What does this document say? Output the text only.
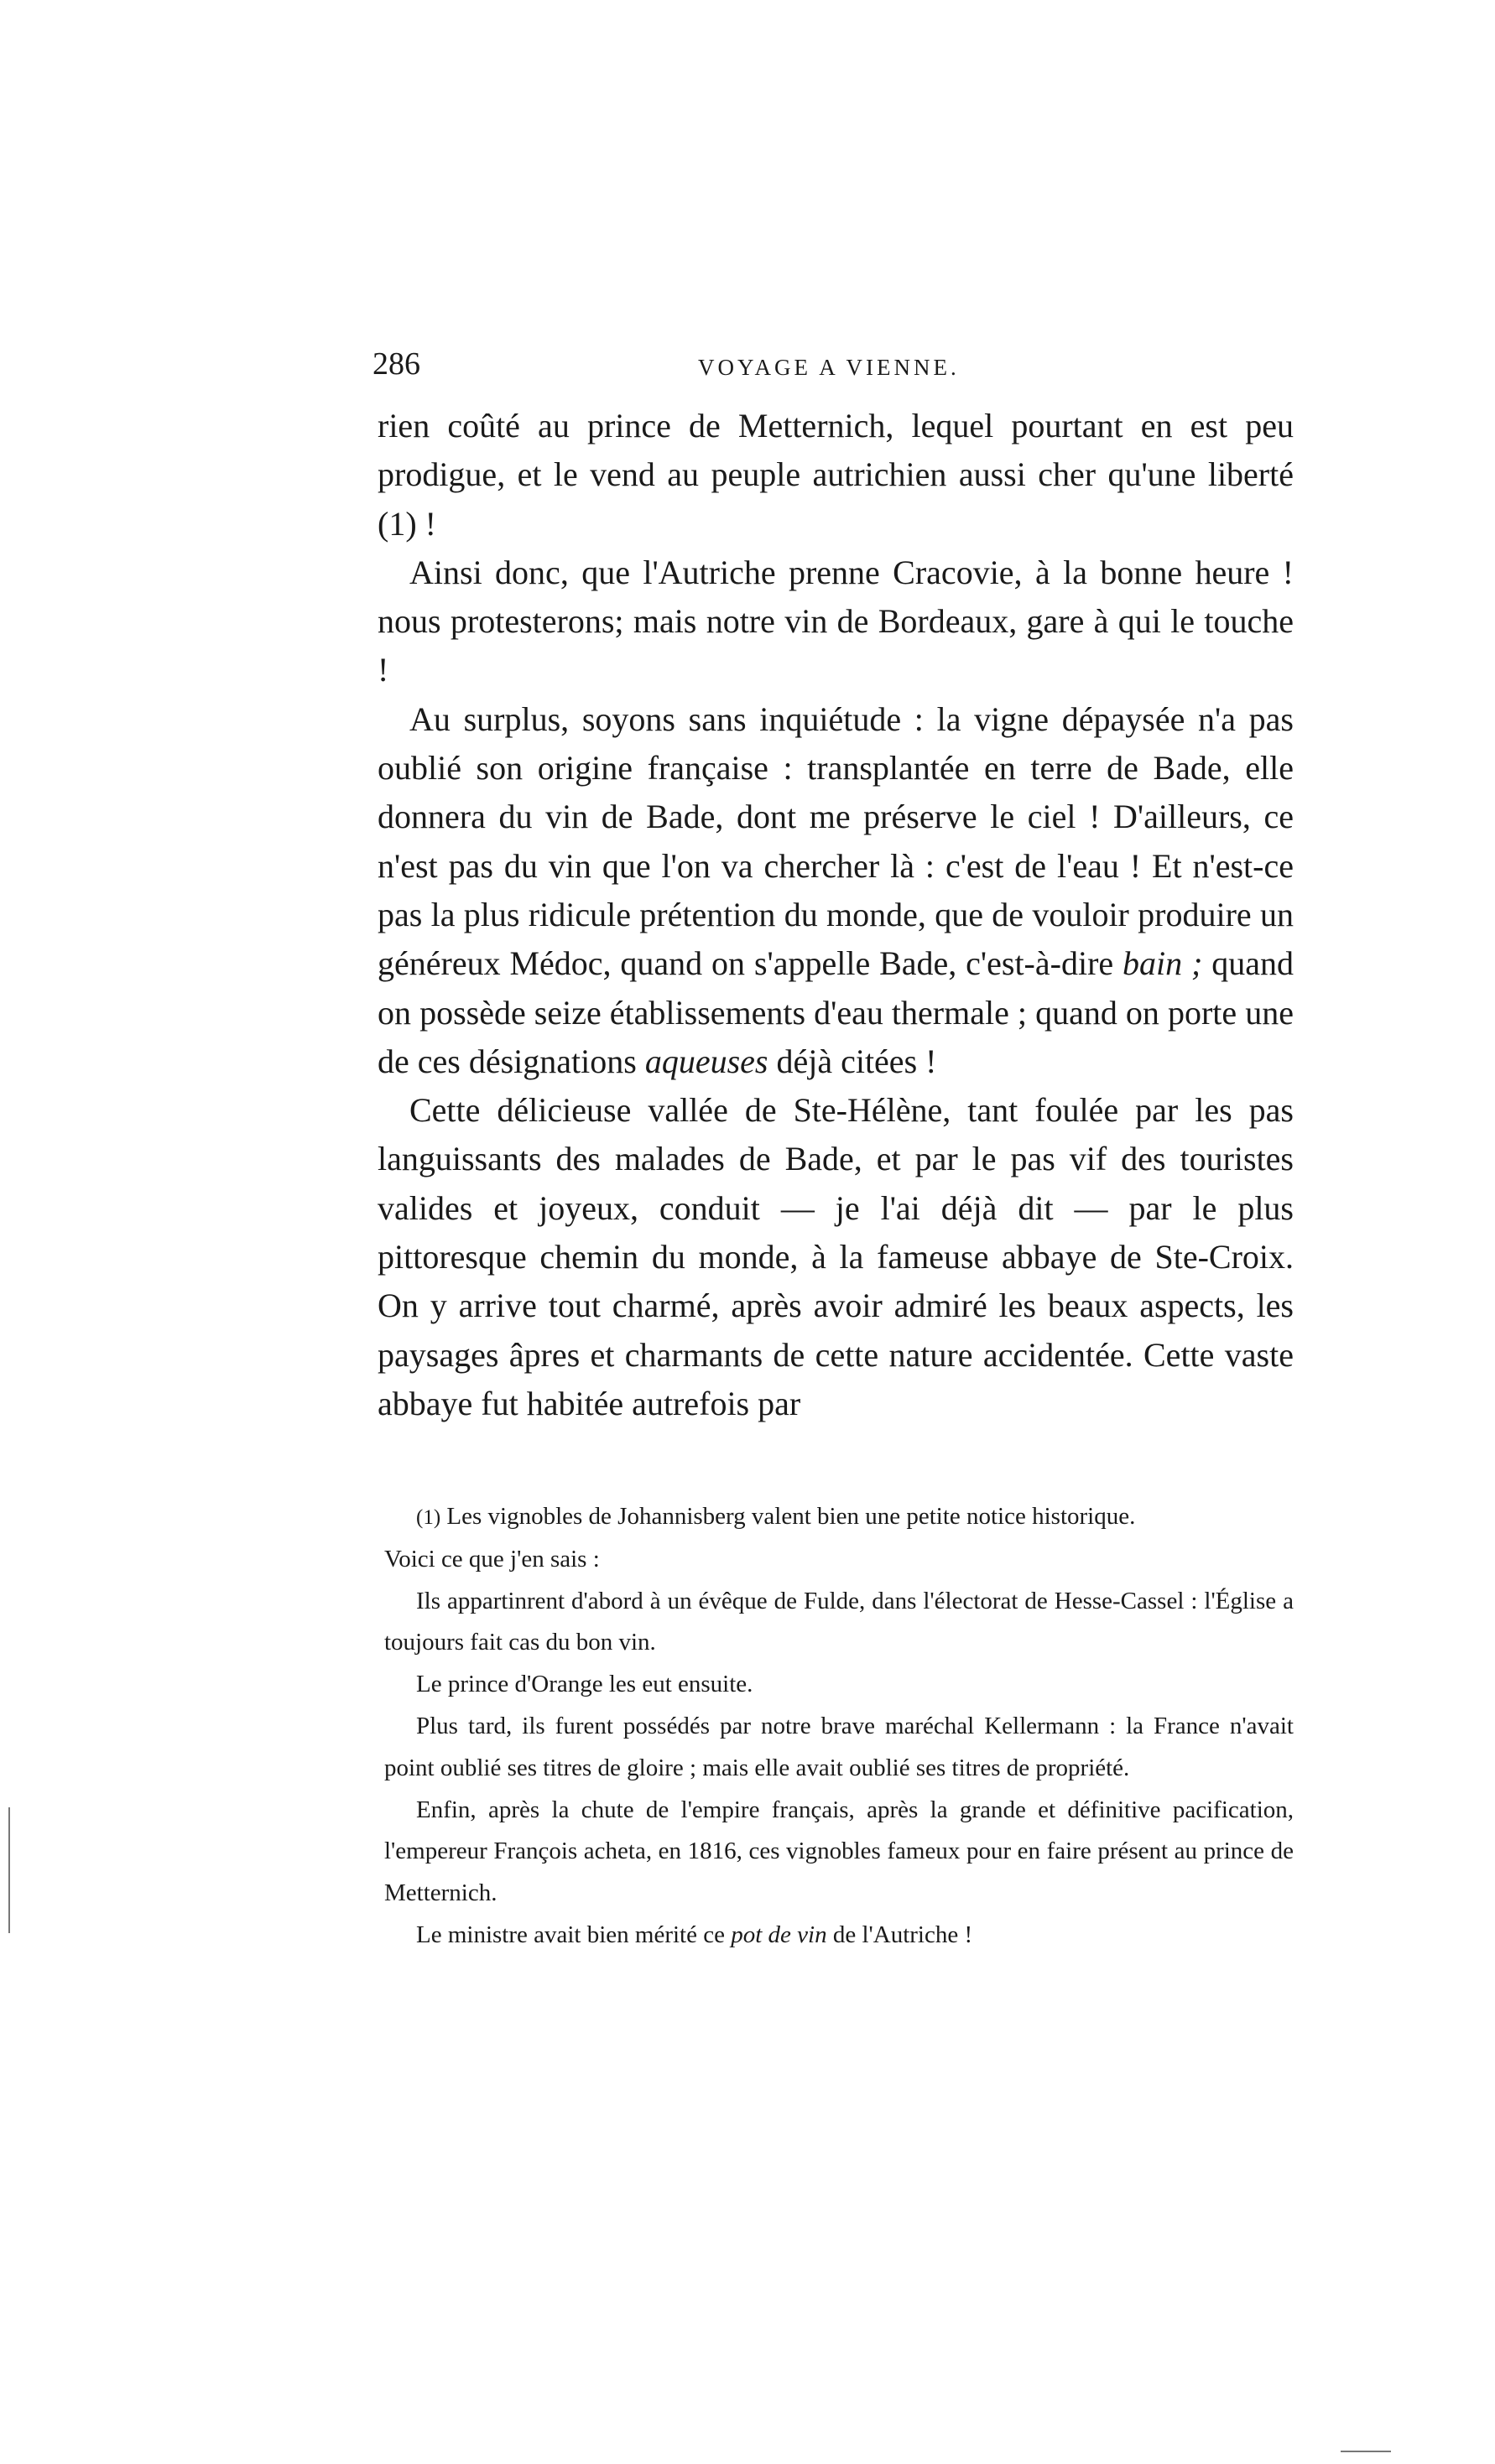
286	VOYAGE A VIENNE.

rien coûté au prince de Metternich, lequel pourtant en est peu prodigue, et le vend au peuple autrichien aussi cher qu'une liberté (1) !

Ainsi donc, que l'Autriche prenne Cracovie, à la bonne heure ! nous protesterons; mais notre vin de Bordeaux, gare à qui le touche !

Au surplus, soyons sans inquiétude : la vigne dépaysée n'a pas oublié son origine française : transplantée en terre de Bade, elle donnera du vin de Bade, dont me préserve le ciel ! D'ailleurs, ce n'est pas du vin que l'on va chercher là : c'est de l'eau ! Et n'est-ce pas la plus ridicule prétention du monde, que de vouloir produire un généreux Médoc, quand on s'appelle Bade, c'est-à-dire bain ; quand on possède seize établissements d'eau thermale ; quand on porte une de ces désignations aqueuses déjà citées !

Cette délicieuse vallée de Ste-Hélène, tant foulée par les pas languissants des malades de Bade, et par le pas vif des touristes valides et joyeux, conduit — je l'ai déjà dit — par le plus pittoresque chemin du monde, à la fameuse abbaye de Ste-Croix. On y arrive tout charmé, après avoir admiré les beaux aspects, les paysages âpres et charmants de cette nature accidentée. Cette vaste abbaye fut habitée autrefois par

(1) Les vignobles de Johannisberg valent bien une petite notice historique.

Voici ce que j'en sais :

Ils appartinrent d'abord à un évêque de Fulde, dans l'électorat de Hesse-Cassel : l'Église a toujours fait cas du bon vin.

Le prince d'Orange les eut ensuite.

Plus tard, ils furent possédés par notre brave maréchal Kellermann : la France n'avait point oublié ses titres de gloire ; mais elle avait oublié ses titres de propriété.

Enfin, après la chute de l'empire français, après la grande et définitive pacification, l'empereur François acheta, en 1816, ces vignobles fameux pour en faire présent au prince de Metternich.

Le ministre avait bien mérité ce pot de vin de l'Autriche !
